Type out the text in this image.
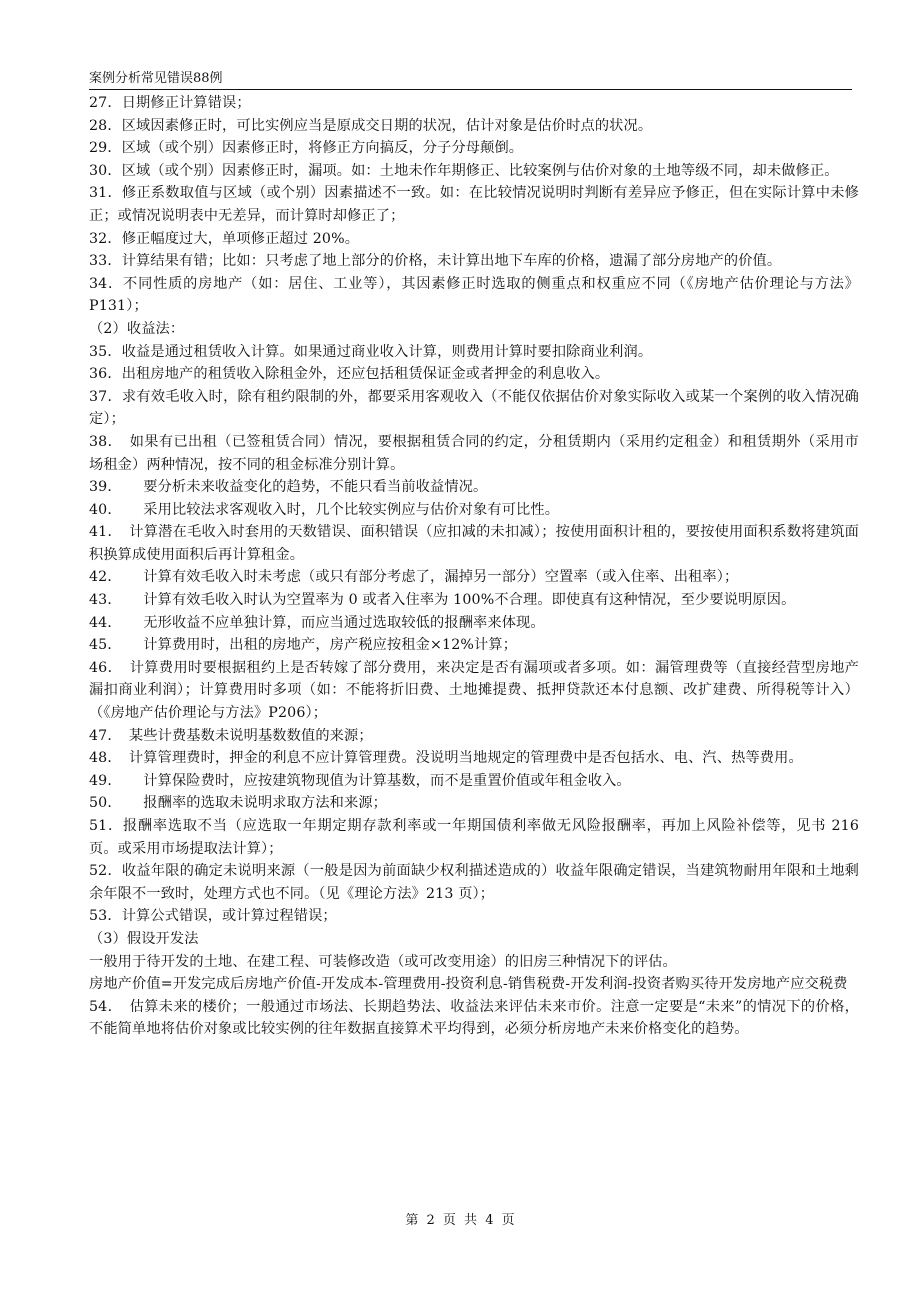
案例分析常见错误88例

27．日期修正计算错误；

28．区域因素修正时，可比实例应当是原成交日期的状况，估计对象是估价时点的状况。

29．区域（或个别）因素修正时，将修正方向搞反，分子分母颠倒。

30．区域（或个别）因素修正时，漏项。如：土地未作年期修正、比较案例与估价对象的土地等级不同，却未做修正。

31．修正系数取值与区域（或个别）因素描述不一致。如：在比较情况说明时判断有差异应予修正，但在实际计算中未修正；或情况说明表中无差异，而计算时却修正了；

32．修正幅度过大，单项修正超过 20%。

33．计算结果有错；比如：只考虑了地上部分的价格，未计算出地下车库的价格，遗漏了部分房地产的价值。

34．不同性质的房地产（如：居住、工业等），其因素修正时选取的侧重点和权重应不同（《房地产估价理论与方法》P131）；

（2）收益法：

35．收益是通过租赁收入计算。如果通过商业收入计算，则费用计算时要扣除商业利润。

36．出租房地产的租赁收入除租金外，还应包括租赁保证金或者押金的利息收入。

37．求有效毛收入时，除有租约限制的外，都要采用客观收入（不能仅依据估价对象实际收入或某一个案例的收入情况确定）；

38．　如果有已出租（已签租赁合同）情况，要根据租赁合同的约定，分租赁期内（采用约定租金）和租赁期外（采用市场租金）两种情况，按不同的租金标准分别计算。

39．　　要分析未来收益变化的趋势，不能只看当前收益情况。

40．　　采用比较法求客观收入时，几个比较实例应与估价对象有可比性。

41．　计算潜在毛收入时套用的天数错误、面积错误（应扣减的未扣减）；按使用面积计租的，要按使用面积系数将建筑面积换算成使用面积后再计算租金。

42．　　计算有效毛收入时未考虑（或只有部分考虑了，漏掉另一部分）空置率（或入住率、出租率）；

43．　　计算有效毛收入时认为空置率为 0 或者入住率为 100%不合理。即使真有这种情况，至少要说明原因。

44．　　无形收益不应单独计算，而应当通过选取较低的报酬率来体现。

45．　　计算费用时，出租的房地产，房产税应按租金×12%计算；

46．　计算费用时要根据租约上是否转嫁了部分费用，来决定是否有漏项或者多项。如：漏管理费等（直接经营型房地产漏扣商业利润）；计算费用时多项（如：不能将折旧费、土地摊提费、抵押贷款还本付息额、改扩建费、所得税等计入）（《房地产估价理论与方法》P206）；

47．　某些计费基数未说明基数数值的来源；

48．　计算管理费时，押金的利息不应计算管理费。没说明当地规定的管理费中是否包括水、电、汽、热等费用。

49．　　计算保险费时，应按建筑物现值为计算基数，而不是重置价值或年租金收入。

50．　　报酬率的选取未说明求取方法和来源；

51．报酬率选取不当（应选取一年期定期存款利率或一年期国债利率做无风险报酬率，再加上风险补偿等，见书 216 页。或采用市场提取法计算）；

52．收益年限的确定未说明来源（一般是因为前面缺少权利描述造成的）收益年限确定错误，当建筑物耐用年限和土地剩余年限不一致时，处理方式也不同。（见《理论方法》213 页）；

53．计算公式错误，或计算过程错误；

（3）假设开发法

一般用于待开发的土地、在建工程、可装修改造（或可改变用途）的旧房三种情况下的评估。

房地产价值=开发完成后房地产价值-开发成本-管理费用-投资利息-销售税费-开发利润-投资者购买待开发房地产应交税费

54．　估算未来的楼价；一般通过市场法、长期趋势法、收益法来评估未来市价。注意一定要是“未来”的情况下的价格，不能简单地将估价对象或比较实例的往年数据直接算术平均得到，必须分析房地产未来价格变化的趋势。

第 2 页 共 4 页
